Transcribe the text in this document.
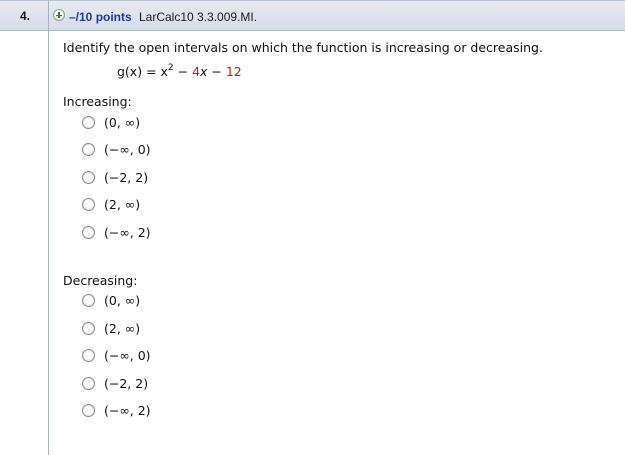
4.	–/10 points LarCalc10 3.3.009.MI.
Identify the open intervals on which the function is increasing or decreasing.
$g(x) = x^2 - 4x - 12$
Increasing:
(0, ∞)
(−∞, 0)
(−2, 2)
(2, ∞)
(−∞, 2)
Decreasing:
(0, ∞)
(2, ∞)
(−∞, 0)
(−2, 2)
(−∞, 2)
